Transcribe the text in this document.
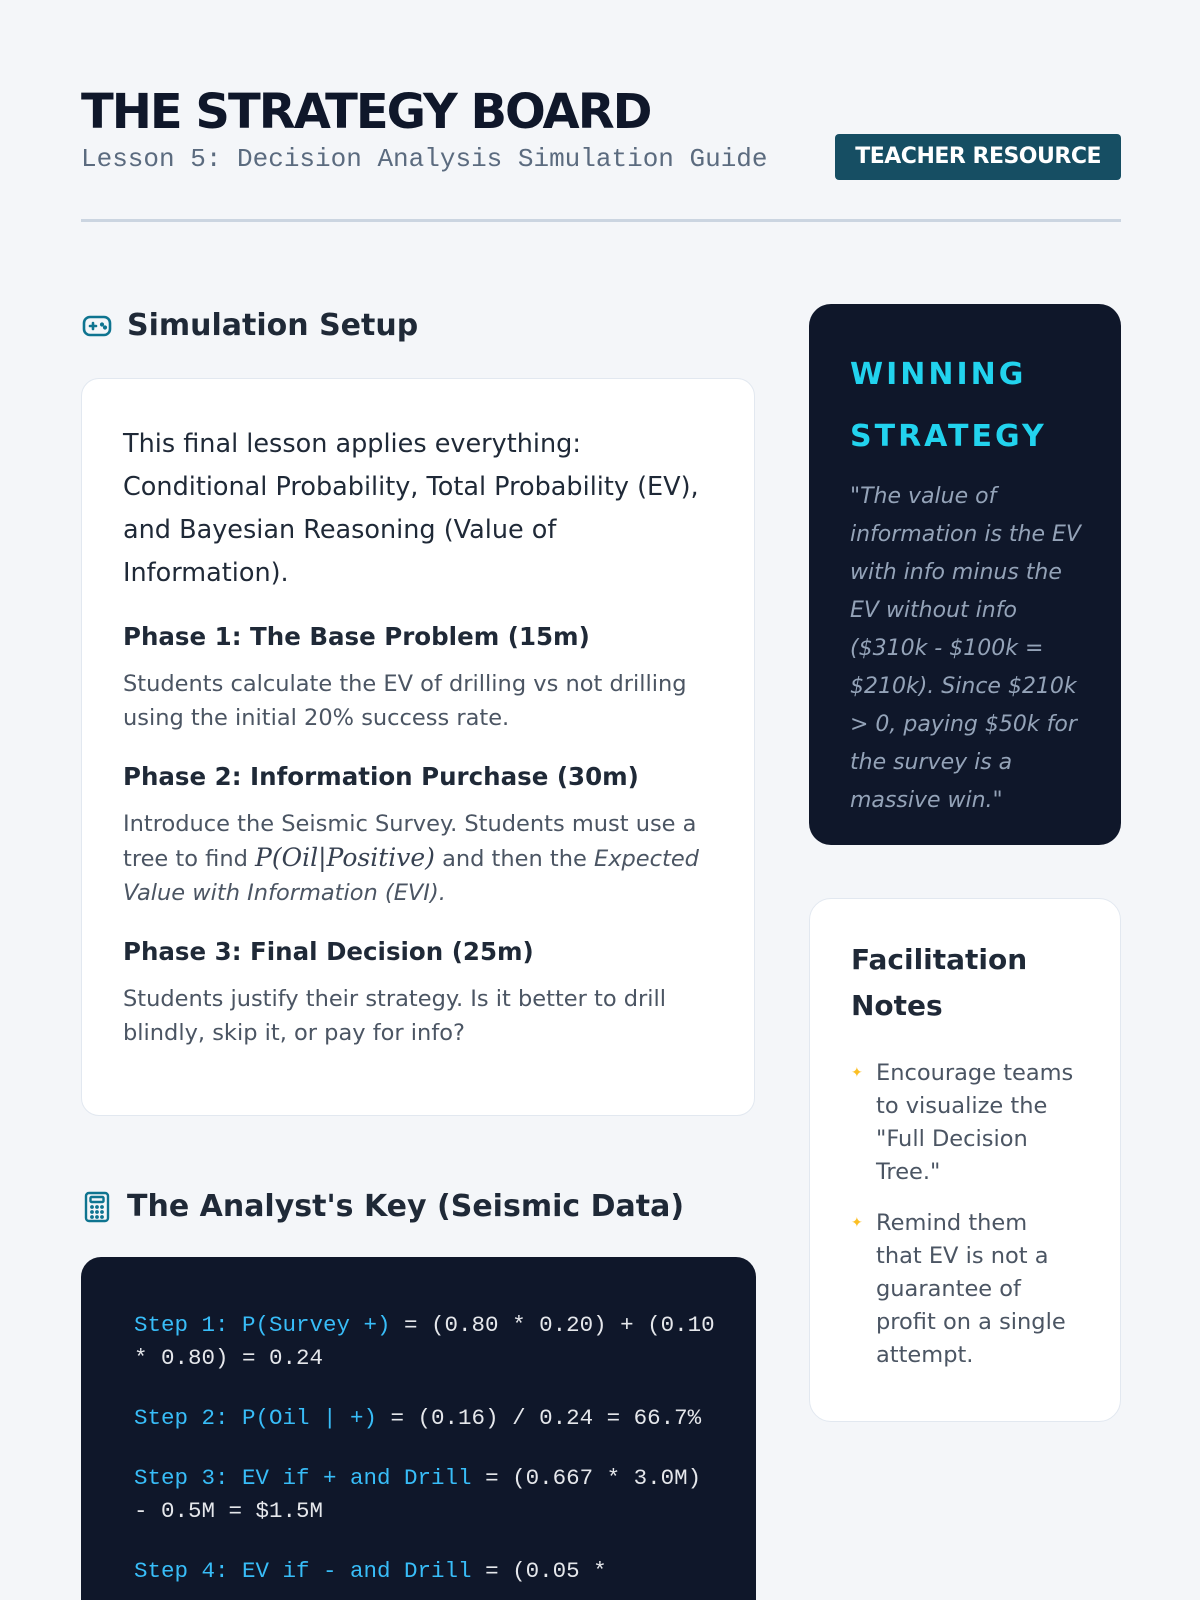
THE STRATEGY BOARD
Lesson 5: Decision Analysis Simulation Guide	TEACHER RESOURCE
Simulation Setup

This final lesson applies everything: Conditional Probability, Total Probability (EV), and Bayesian Reasoning (Value of Information).

Phase 1: The Base Problem (15m)

Students calculate the EV of drilling vs not drilling using the initial 20% success rate.

Phase 2: Information Purchase (30m)

Introduce the Seismic Survey. Students must use a tree to find P(Oil|Positive) and then the Expected Value with Information (EVI).

Phase 3: Final Decision (25m)

Students justify their strategy. Is it better to drill blindly, skip it, or pay for info?

The Analyst's Key (Seismic Data)
Step 1: P(Survey +) = (0.80 * 0.20) + (0.10 * 0.80) = 0.24
Step 2: P(Oil | +) = (0.16) / 0.24 = 66.7%
Step 3: EV if + and Drill = (0.667 * 3.0M) - 0.5M = $1.5M
Step 4: EV if - and Drill = (0.05 *
WINNING STRATEGY

"The value of information is the EV with info minus the EV without info ($310k - $100k = $210k). Since $210k > 0, paying $50k for the survey is a massive win."

Facilitation Notes
✦ Encourage teams to visualize the "Full Decision Tree."
✦ Remind them that EV is not a guarantee of profit on a single attempt.
